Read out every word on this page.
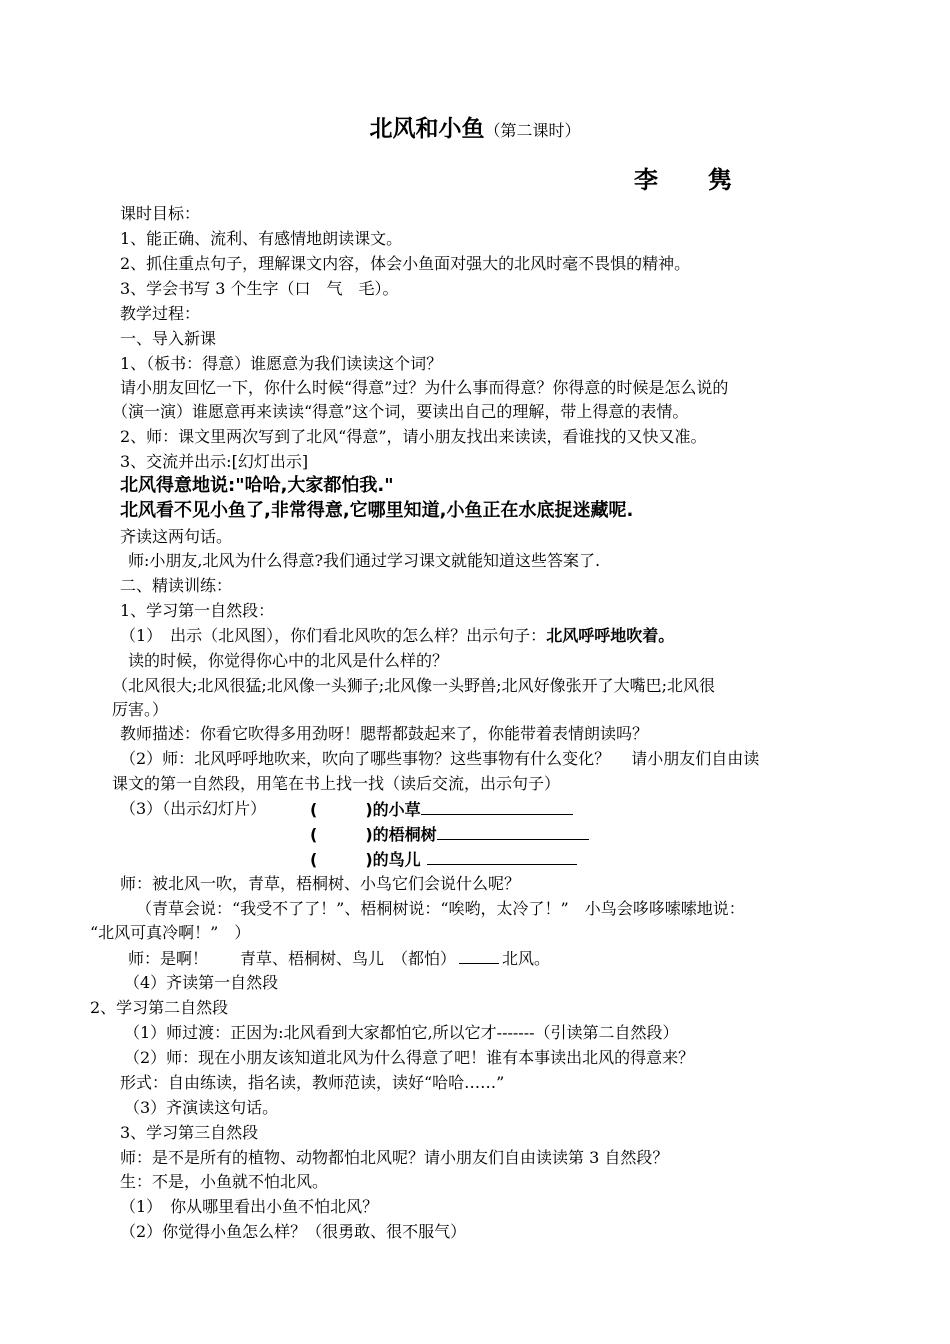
北风和小鱼（第二课时）
李 隽
课时目标：
1、能正确、流利、有感情地朗读课文。
2、抓住重点句子，理解课文内容，体会小鱼面对强大的北风时毫不畏惧的精神。
3、学会书写 3 个生字（口　气　毛）。
教学过程：
一、导入新课
1、（板书：得意）谁愿意为我们读读这个词？
请小朋友回忆一下，你什么时候“得意”过？为什么事而得意？你得意的时候是怎么说的
（演一演）谁愿意再来读读“得意”这个词，要读出自己的理解，带上得意的表情。
2、师：课文里两次写到了北风“得意”，请小朋友找出来读读，看谁找的又快又准。
3、交流并出示:[幻灯出示]
北风得意地说:"哈哈,大家都怕我."
北风看不见小鱼了,非常得意,它哪里知道,小鱼正在水底捉迷藏呢.
齐读这两句话。
师:小朋友,北风为什么得意?我们通过学习课文就能知道这些答案了.
二、精读训练：
1、学习第一自然段：
（1）　出示（北风图），你们看北风吹的怎么样？出示句子：北风呼呼地吹着。
读的时候，你觉得你心中的北风是什么样的？
（北风很大;北风很猛;北风像一头狮子;北风像一头野兽;北风好像张开了大嘴巴;北风很
厉害。）
教师描述：你看它吹得多用劲呀！腮帮都鼓起来了，你能带着表情朗读吗？
（2）师：北风呼呼地吹来，吹向了哪些事物？这些事物有什么变化？　 请小朋友们自由读
课文的第一自然段，用笔在书上找一找（读后交流，出示句子）
（3）（出示幻灯片）	(　　　)的小草
(　　　)的梧桐树
(　　　)的鸟儿
师：被北风一吹，青草，梧桐树、小鸟它们会说什么呢？
（青草会说：“我受不了了！”、梧桐树说：“唉哟，太冷了！”　小鸟会哆哆嗦嗦地说：
“北风可真冷啊！”　）
师：是啊！　　青草、梧桐树、鸟儿　（都怕）	北风。
（4）齐读第一自然段
2、学习第二自然段
（1）师过渡：正因为:北风看到大家都怕它,所以它才-------（引读第二自然段）
（2）师：现在小朋友该知道北风为什么得意了吧！谁有本事读出北风的得意来？
形式：自由练读，指名读，教师范读，读好“哈哈……”
（3）齐演读这句话。
3、学习第三自然段
师：是不是所有的植物、动物都怕北风呢？请小朋友们自由读读第 3 自然段？
生：不是，小鱼就不怕北风。
（1）　你从哪里看出小鱼不怕北风？
（2）你觉得小鱼怎么样？（很勇敢、很不服气）
